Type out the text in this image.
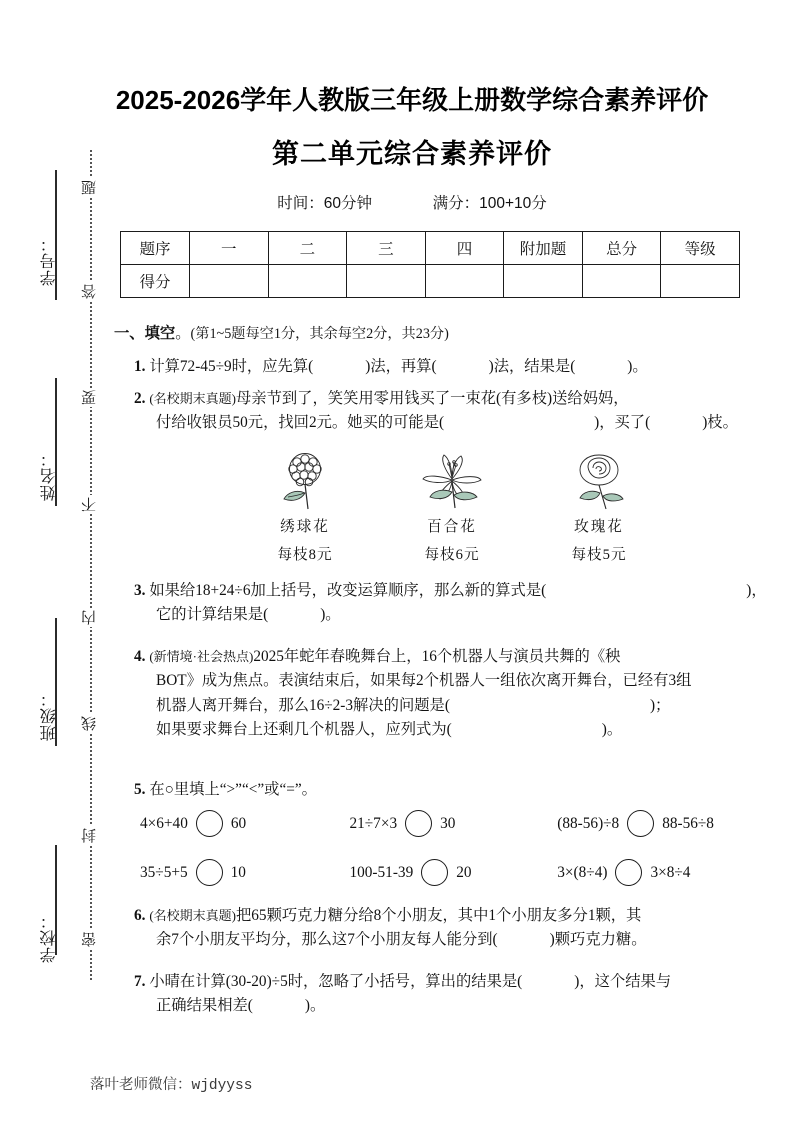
学号：
姓名：
班级：
学校：
题
答
要
不
内
线
封
密
2025-2026学年人教版三年级上册数学综合素养评价
第二单元综合素养评价
时间：60分钟	满分：100+10分
题序	一	二	三	四	附加题	总分	等级
得分							
一、填空。(第1~5题每空1分，其余每空2分，共23分)
1. 计算72-45÷9时，应先算(	)法，再算(	)法，结果是(	)。
2. (名校期末真题)母亲节到了，笑笑用零用钱买了一束花(有多枝)送给妈妈，
付给收银员50元，找回2元。她买的可能是(	)，买了(	)枝。
绣球花
每枝8元
百合花
每枝6元
玫瑰花
每枝5元
3. 如果给18+24÷6加上括号，改变运算顺序，那么新的算式是(	)，
它的计算结果是(	)。
4. (新情境·社会热点)2025年蛇年春晚舞台上，16个机器人与演员共舞的《秧
BOT》成为焦点。表演结束后，如果每2个机器人一组依次离开舞台，已经有3组
机器人离开舞台，那么16÷2-3解决的问题是(	)；
如果要求舞台上还剩几个机器人，应列式为(	)。
5. 在○里填上“>”“<”或“=”。
4×6+40	60	21÷7×3	30	(88-56)÷8	88-56÷8
35÷5+5	10	100-51-39	20	3×(8÷4)	3×8÷4
6. (名校期末真题)把65颗巧克力糖分给8个小朋友，其中1个小朋友多分1颗，其
余7个小朋友平均分，那么这7个小朋友每人能分到(	)颗巧克力糖。
7. 小晴在计算(30-20)÷5时，忽略了小括号，算出的结果是(	)，这个结果与
正确结果相差(	)。
落叶老师微信：wjdyyss
